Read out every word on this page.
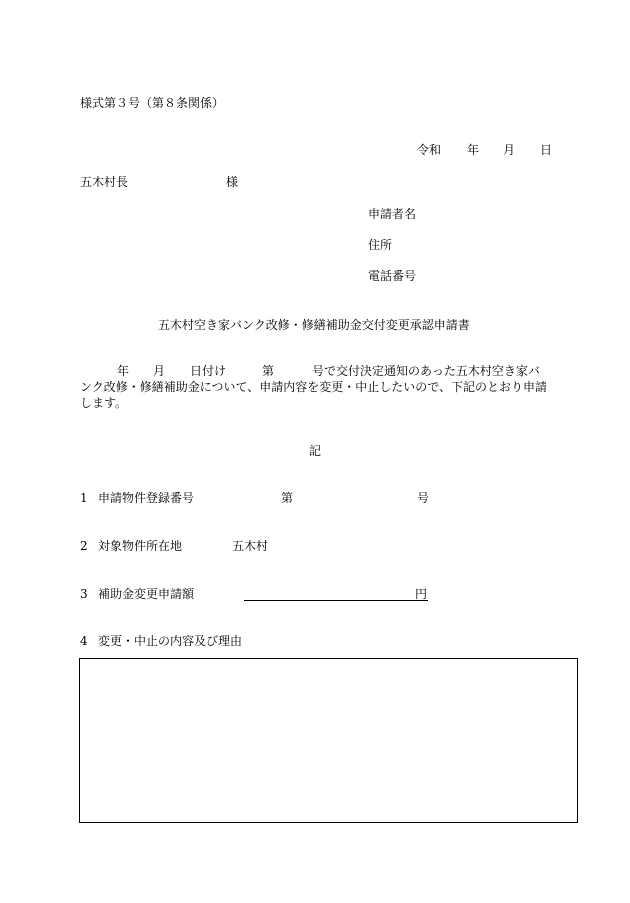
様式第３号（第８条関係）
令和 年 月 日
五木村長	様
申請者名
住所
電話番号
五木村空き家バンク改修・修繕補助金交付変更承認申請書
年 月 日付け	第	号で交付決定通知のあった五木村空き家バ
ンク改修・修繕補助金について、申請内容を変更・中止したいので、下記のとおり申請
します。
記
1 申請物件登録番号	第	号
2 対象物件所在地	五木村
3 補助金変更申請額	円
4 変更・中止の内容及び理由
